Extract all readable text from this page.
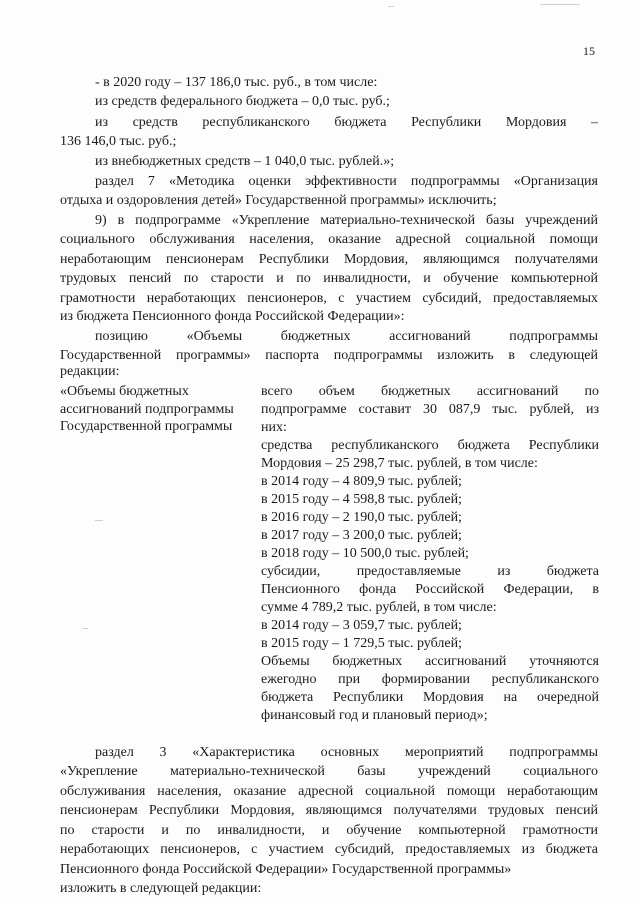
15
- в 2020 году – 137 186,0 тыс. руб., в том числе:
из средств федерального бюджета – 0,0 тыс. руб.;
из средств республиканского бюджета Республики Мордовия –
136 146,0 тыс. руб.;
из внебюджетных средств – 1 040,0 тыс. рублей.»;
раздел 7 «Методика оценки эффективности подпрограммы «Организация
отдыха и оздоровления детей» Государственной программы» исключить;
9) в подпрограмме «Укрепление материально-технической базы учреждений
социального обслуживания населения, оказание адресной социальной помощи
неработающим пенсионерам Республики Мордовия, являющимся получателями
трудовых пенсий по старости и по инвалидности, и обучение компьютерной
грамотности неработающих пенсионеров, с участием субсидий, предоставляемых
из бюджета Пенсионного фонда Российской Федерации»:
позицию «Объемы бюджетных ассигнований подпрограммы
Государственной программы» паспорта подпрограммы изложить в следующей
редакции:
«Объемы бюджетных
ассигнований подпрограммы
Государственной программы
всего объем бюджетных ассигнований по
подпрограмме составит 30 087,9 тыс. рублей, из
них:
средства республиканского бюджета Республики
Мордовия – 25 298,7 тыс. рублей, в том числе:
в 2014 году – 4 809,9 тыс. рублей;
в 2015 году – 4 598,8 тыс. рублей;
в 2016 году – 2 190,0 тыс. рублей;
в 2017 году – 3 200,0 тыс. рублей;
в 2018 году – 10 500,0 тыс. рублей;
субсидии, предоставляемые из бюджета
Пенсионного фонда Российской Федерации, в
сумме 4 789,2 тыс. рублей, в том числе:
в 2014 году – 3 059,7 тыс. рублей;
в 2015 году – 1 729,5 тыс. рублей;
Объемы бюджетных ассигнований уточняются
ежегодно при формировании республиканского
бюджета Республики Мордовия на очередной
финансовый год и плановый период»;
раздел 3 «Характеристика основных мероприятий подпрограммы
«Укрепление материально-технической базы учреждений социального
обслуживания населения, оказание адресной социальной помощи неработающим
пенсионерам Республики Мордовия, являющимся получателями трудовых пенсий
по старости и по инвалидности, и обучение компьютерной грамотности
неработающих пенсионеров, с участием субсидий, предоставляемых из бюджета
Пенсионного фонда Российской Федерации» Государственной программы»
изложить в следующей редакции:
